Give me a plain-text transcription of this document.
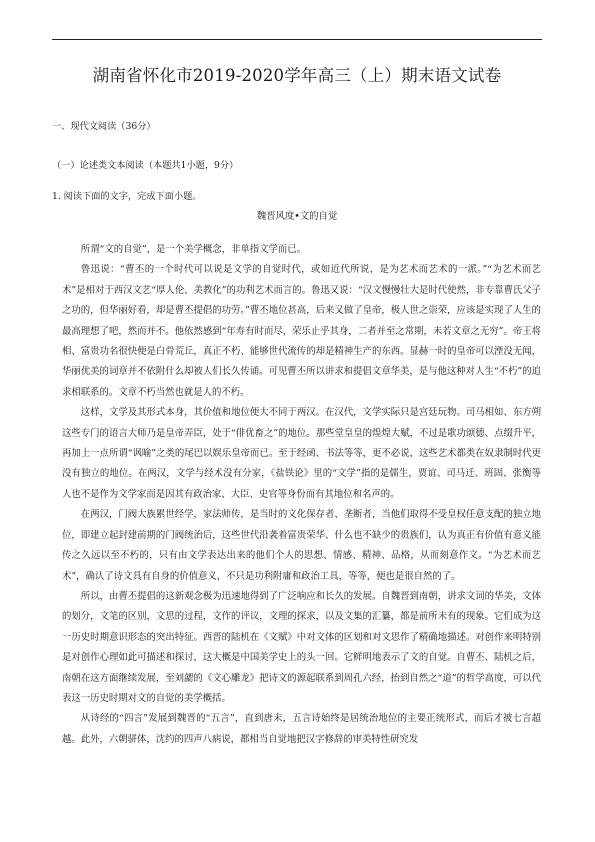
湖南省怀化市2019-2020学年高三（上）期末语文试卷
一、现代文阅读（36分）
（一）论述类文本阅读（本题共1小题，9分）
1. 阅读下面的文字，完成下面小题。
魏晋风度•文的自觉

所谓“文的自觉”，是一个美学概念，非单指文学而已。

鲁迅说：“曹丕的一个时代可以说是文学的自觉时代，或如近代所说，是为艺术而艺术的一派。”“为艺术而艺术”是相对于西汉文艺“厚人伦、美教化”的功利艺术而言的。鲁迅又说：“汉文慢慢壮大是时代使然，非专靠曹氏父子之功的，但华丽好看，却是曹丕提倡的功劳。”曹丕地位甚高，后来又做了皇帝，极人世之崇荣，应该是实现了人生的最高理想了吧，然而并不。他依然感到“年寿有时而尽，荣乐止乎其身，二者并至之常期，未若文章之无穷”。帝王将相、富贵功名很快便是白骨荒丘，真正不朽、能够世代流传的却是精神生产的东西。显赫一时的皇帝可以湮没无闻，华丽优美的词章并不依附什么却被人们长久传诵。可见曹丕所以讲求和提倡文章华美，是与他这种对人生“不朽”的追求相联系的。文章不朽当然也就是人的不朽。

这样，文学及其形式本身，其价值和地位便大不同于两汉。在汉代，文学实际只是宫廷玩物。司马相如、东方朔这些专门的语言大师乃是皇帝弄臣，处于“俳优畜之”的地位。那些堂皇皇的煌煌大赋，不过是歌功颂德、点缀升平，再加上一点所谓“讽喻”之类的尾巴以娱乐皇帝而已。至于经函、书法等等，更不必说，这些艺术都类在奴隶制时代更没有独立的地位。在两汉，文学与经术没有分家，《盐铁论》里的“文学”指的是儒生，贾谊、司马迁、班固、张衡等人也不是作为文学家而是因其有政治家、大臣、史官等身份而有其地位和名声的。

在两汉，门阀大族累世经学，家法师传，是当时的文化保存者、垄断者，当他们取得不受皇权任意支配的独立地位，即建立起封建前期的门阀统治后，这些世代沿袭着富贵荣华、什么也不缺少的贵族们，认为真正有价值有意义能传之久远以至不朽的，只有由文学表达出来的他们个人的思想、情感、精神、品格，从而刻意作文。“为艺术而艺术”，确认了诗文具有自身的价值意义，不只是功利附庸和政治工具，等等，便也是很自然的了。

所以，由曹丕提倡的这新观念极为迅速地得到了广泛响应和长久的发展。自魏晋到南朝，讲求文词的华美，文体的划分，文笔的区别，文思的过程，文作的评议，文理的探求，以及文集的汇纂，都是前所未有的现象。它们成为这一历史时期意识形态的突出特征。西晋的陆机在《文赋》中对文体的区划和对文思作了精确地描述。对创作来明特别是对创作心理如此可描述和探讨，这大概是中国美学史上的头一回。它鲜明地表示了文的自觉。自曹丕、陆机之后，南朝在这方面继续发展，至刘勰的《文心雕龙》把诗文的源起联系到周孔六经，抬到自然之“道”的哲学高度，可以代表这一历史时期对文的自觉的美学概括。

从诗经的“四言”发展到魏晋的“五言”，直到唐末，五言诗始终是居统治地位的主要正统形式，而后才被七言超越。此外，六朝骈体，沈约的四声八病说，都相当自觉地把汉字修辞的审美特性研究发
